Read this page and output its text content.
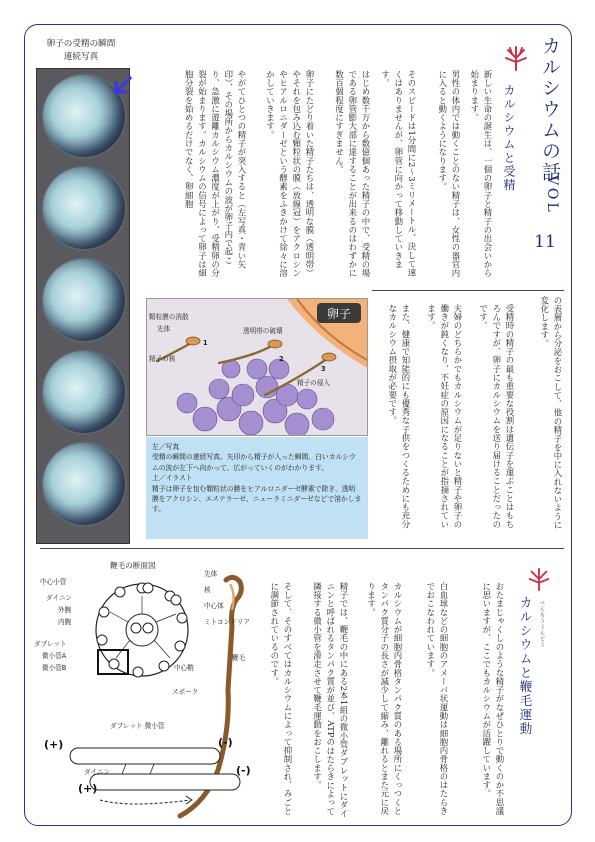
カルシウムの話
VOL
11
カルシウムと受精
新しい生命の誕生は、一個の卵子と精子の出会いから始まります。
男性の体内では動くことのない精子は、女性の器官内に入ると動くようになります。
そのスピードは1分間に2～3ミリメートル、決して速くはありませんが、卵管に向かって移動していきます。
はじめ数千万から数億個あった精子の中で、受精の場である卵管膨大部に達することが出来るのはわずかに数百個程度にすぎません。
卵子にたどり着いた精子たちは、透明な膜（透明帯）やそれを包み込む顆粒状の膜（放線冠）をアクロシンやヒアルロニダーゼという酵素をふきかけて徐々に溶かしていきます。
やがてひとつの精子が突入すると（左写真・青い矢印）、その場所からカルシウムの波が卵子内で起こり、急激に遊離カルシウム濃度が上がり、受精卵の分裂が始まります。カルシウムの信号によって卵子は細胞分裂を始めるだけでなく、卵細胞
の表層から分泌をおこして、他の精子を中に入れないように変化します。
受精時の精子の最も重要な役割は遺伝子を運ぶことはもちろんですが、卵子にカルシウムを送り届けることだったのです。
夫婦のどちらかでもカルシウムが足りないと精子や卵子の働きが鈍くなり、不妊症の原因になることが指摘されています。
また、健康で知能的にも優秀な子供をつくるためにも充分なカルシウム摂取が必要です。
卵子の受精の瞬間
連続写真
卵子
顆粒膜の消散
先体	透明帯の破壊
精子の核
精子の侵入
1
2
3

左／写真

受精の瞬間の連続写真。矢印から精子が入った瞬間、白いカルシウムの波が左下へ向かって、広がっていくのがわかります。

上／イラスト

精子は卵子を包む顆粒状の膜をヒアルロニダーゼ酵素で除き、透明膜をアクロシン、エステラーゼ、ニューラミニダーゼなどで溶かします。

カルシウムと鞭毛運動	べんもううんどう
おたまじゃくしのような精子がなぜひとりで動くのか不思議に思いますが、ここでもカルシウムが活躍しています。
白血球などの細胞のアメーバ状運動は細胞内骨格のはたらきでおこなわれています。
カルシウムが細胞内骨格タンパク質のある場所にくっつくとタンパク質分子の長さが減少して縮み、離れるとまた元に戻ります。
精子では、鞭毛の中にある2本1組の微小管ダブレットにダイニンと呼ばれるタンパク質が並び、ATPのはたらきによって隣接する微小管を滑走させて鞭毛運動をおこします。
そして、そのすべてはカルシウムによって抑制され、みごとに調節されているのです。
鞭毛の断面図
中心小管
ダイニン
外腕
内腕
ダブレット
微小管A
微小管B	中心鞘
スポーク
先体
核
中心体
ミトコンドリア
鞭毛
ダブレット 微小管
ダイニン
(+)
(+)
(-)
(-)
